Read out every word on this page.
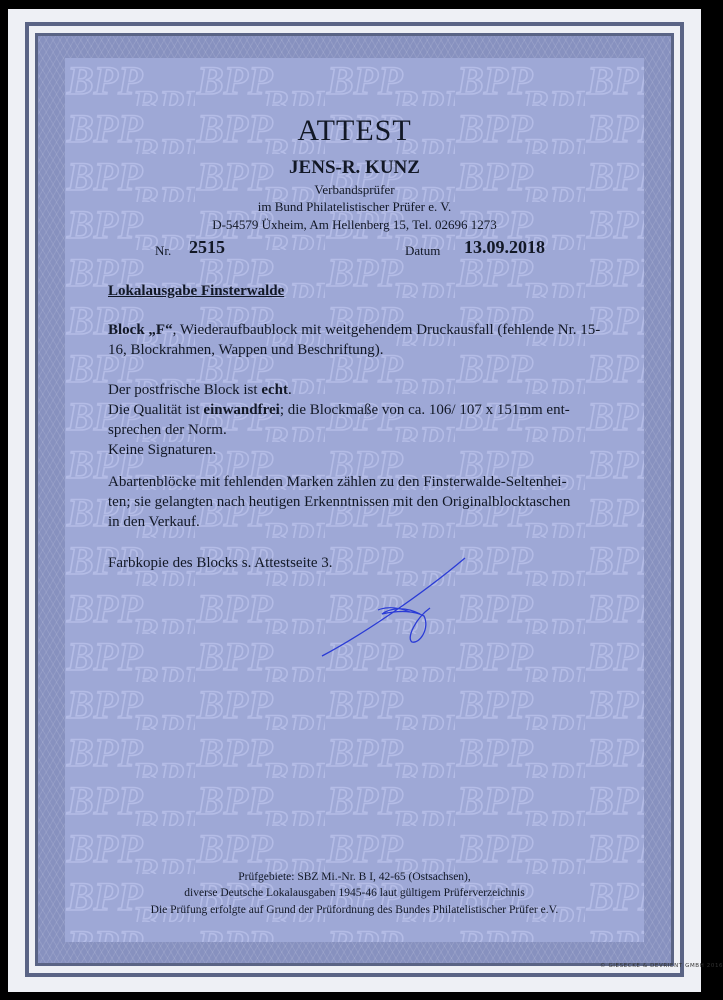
ATTEST
JENS-R. KUNZ
Verbandsprüfer
im Bund Philatelistischer Prüfer e. V.
D-54579 Üxheim, Am Hellenberg 15, Tel. 02696 1273
Nr. 2515	Datum 13.09.2018

Lokalausgabe Finsterwalde

Block „F“, Wiederaufbaublock mit weitgehendem Druckausfall (fehlende Nr. 15-16, Blockrahmen, Wappen und Beschriftung).

Der postfrische Block ist echt.
Die Qualität ist einwandfrei; die Blockmaße von ca. 106/ 107 x 151mm ent-
sprechen der Norm.
Keine Signaturen.

Abartenblöcke mit fehlenden Marken zählen zu den Finsterwalde-Seltenhei-
ten; sie gelangten nach heutigen Erkenntnissen mit den Originalblocktaschen
in den Verkauf.

Farbkopie des Blocks s. Attestseite 3.

Prüfgebiete: SBZ Mi.-Nr. B I, 42-65 (Ostsachsen),
diverse Deutsche Lokalausgaben 1945-46 laut gültigem Prüferverzeichnis
Die Prüfung erfolgte auf Grund der Prüfordnung des Bundes Philatelistischer Prüfer e.V.
© GIESECKE & DEVRIENT GMBH 2016
